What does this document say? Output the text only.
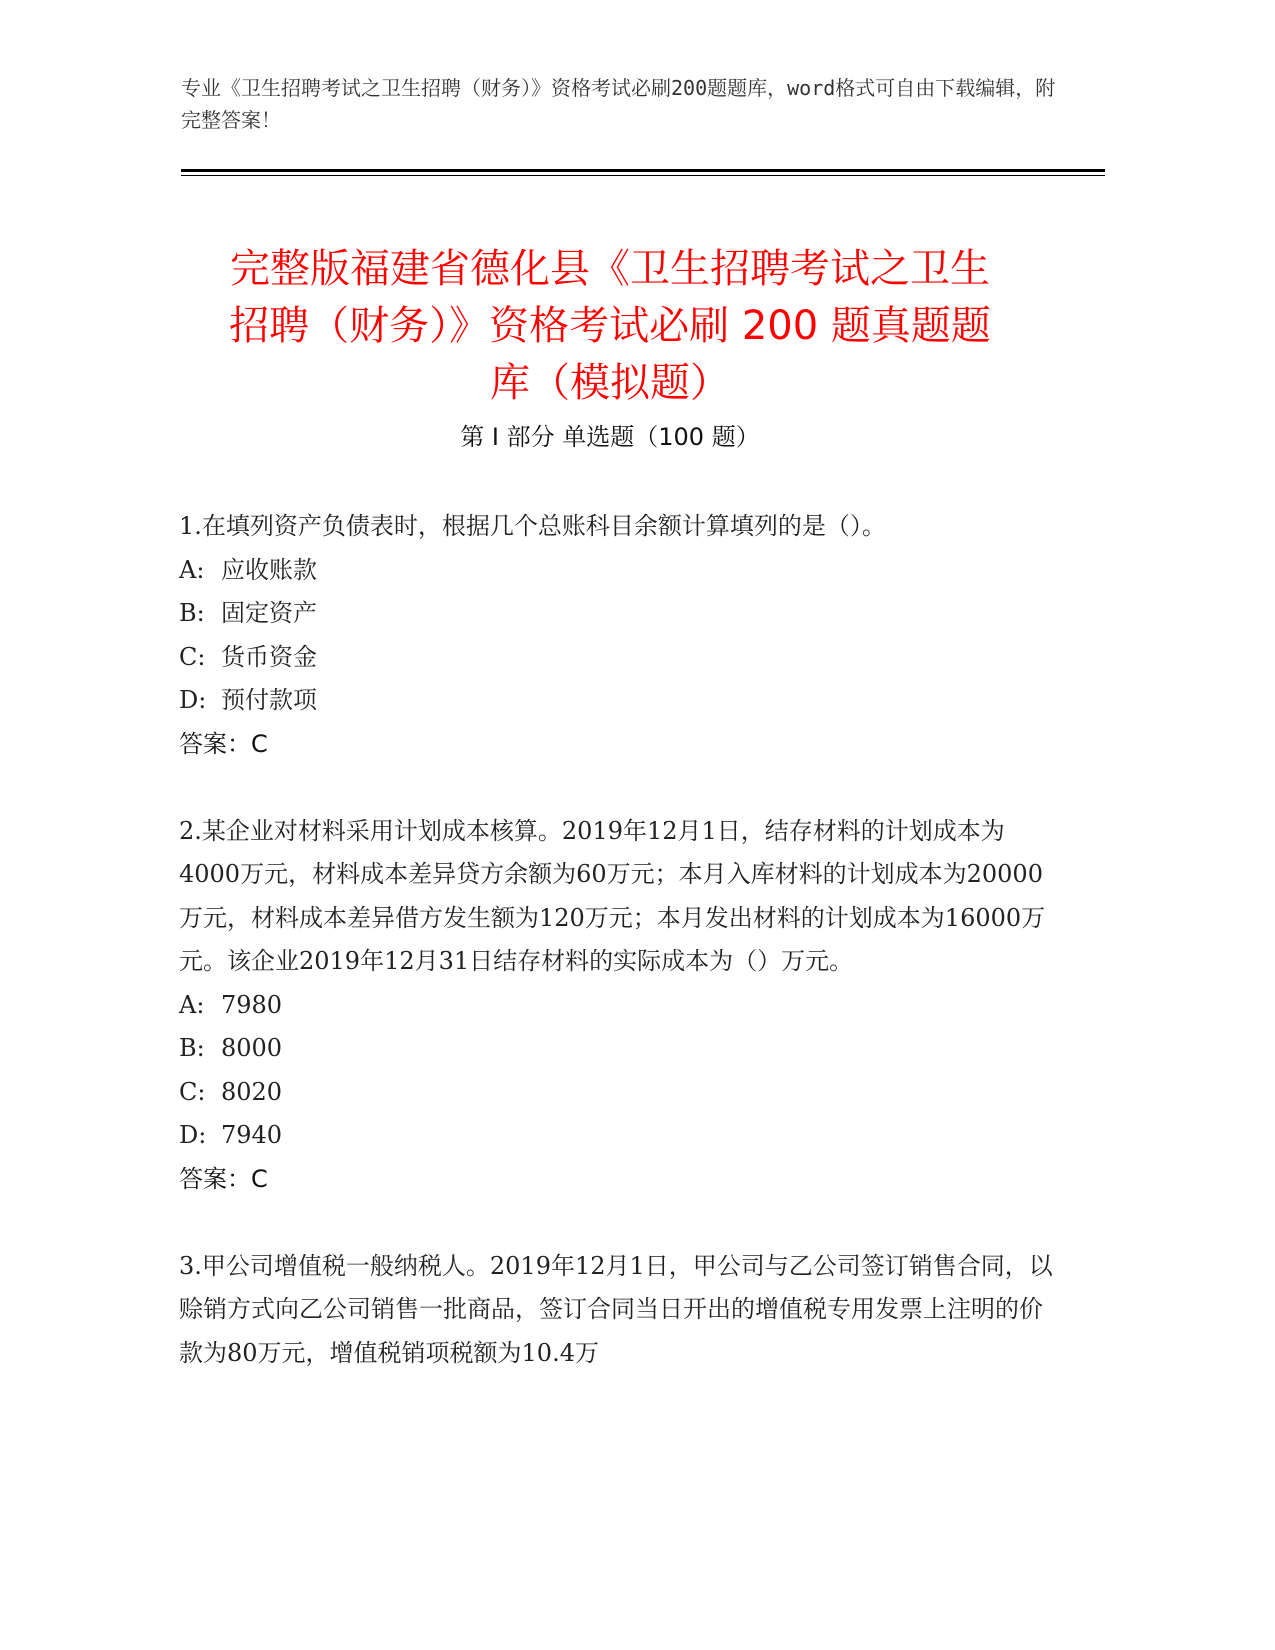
专业《卫生招聘考试之卫生招聘（财务）》资格考试必刷200题题库，word格式可自由下载编辑，附完整答案！
完整版福建省德化县《卫生招聘考试之卫生
招聘（财务）》资格考试必刷 200 题真题题
库（模拟题）
第 I 部分 单选题（100 题）

1.在填列资产负债表时，根据几个总账科目余额计算填列的是（）。

A: 应收账款

B: 固定资产

C: 货币资金

D: 预付款项

答案：C

2.某企业对材料采用计划成本核算。2019年12月1日，结存材料的计划成本为4000万元，材料成本差异贷方余额为60万元；本月入库材料的计划成本为20000万元，材料成本差异借方发生额为120万元；本月发出材料的计划成本为16000万元。该企业2019年12月31日结存材料的实际成本为（）万元。

A: 7980

B: 8000

C: 8020

D: 7940

答案：C

3.甲公司增值税一般纳税人。2019年12月1日，甲公司与乙公司签订销售合同，以赊销方式向乙公司销售一批商品，签订合同当日开出的增值税专用发票上注明的价款为80万元，增值税销项税额为10.4万
